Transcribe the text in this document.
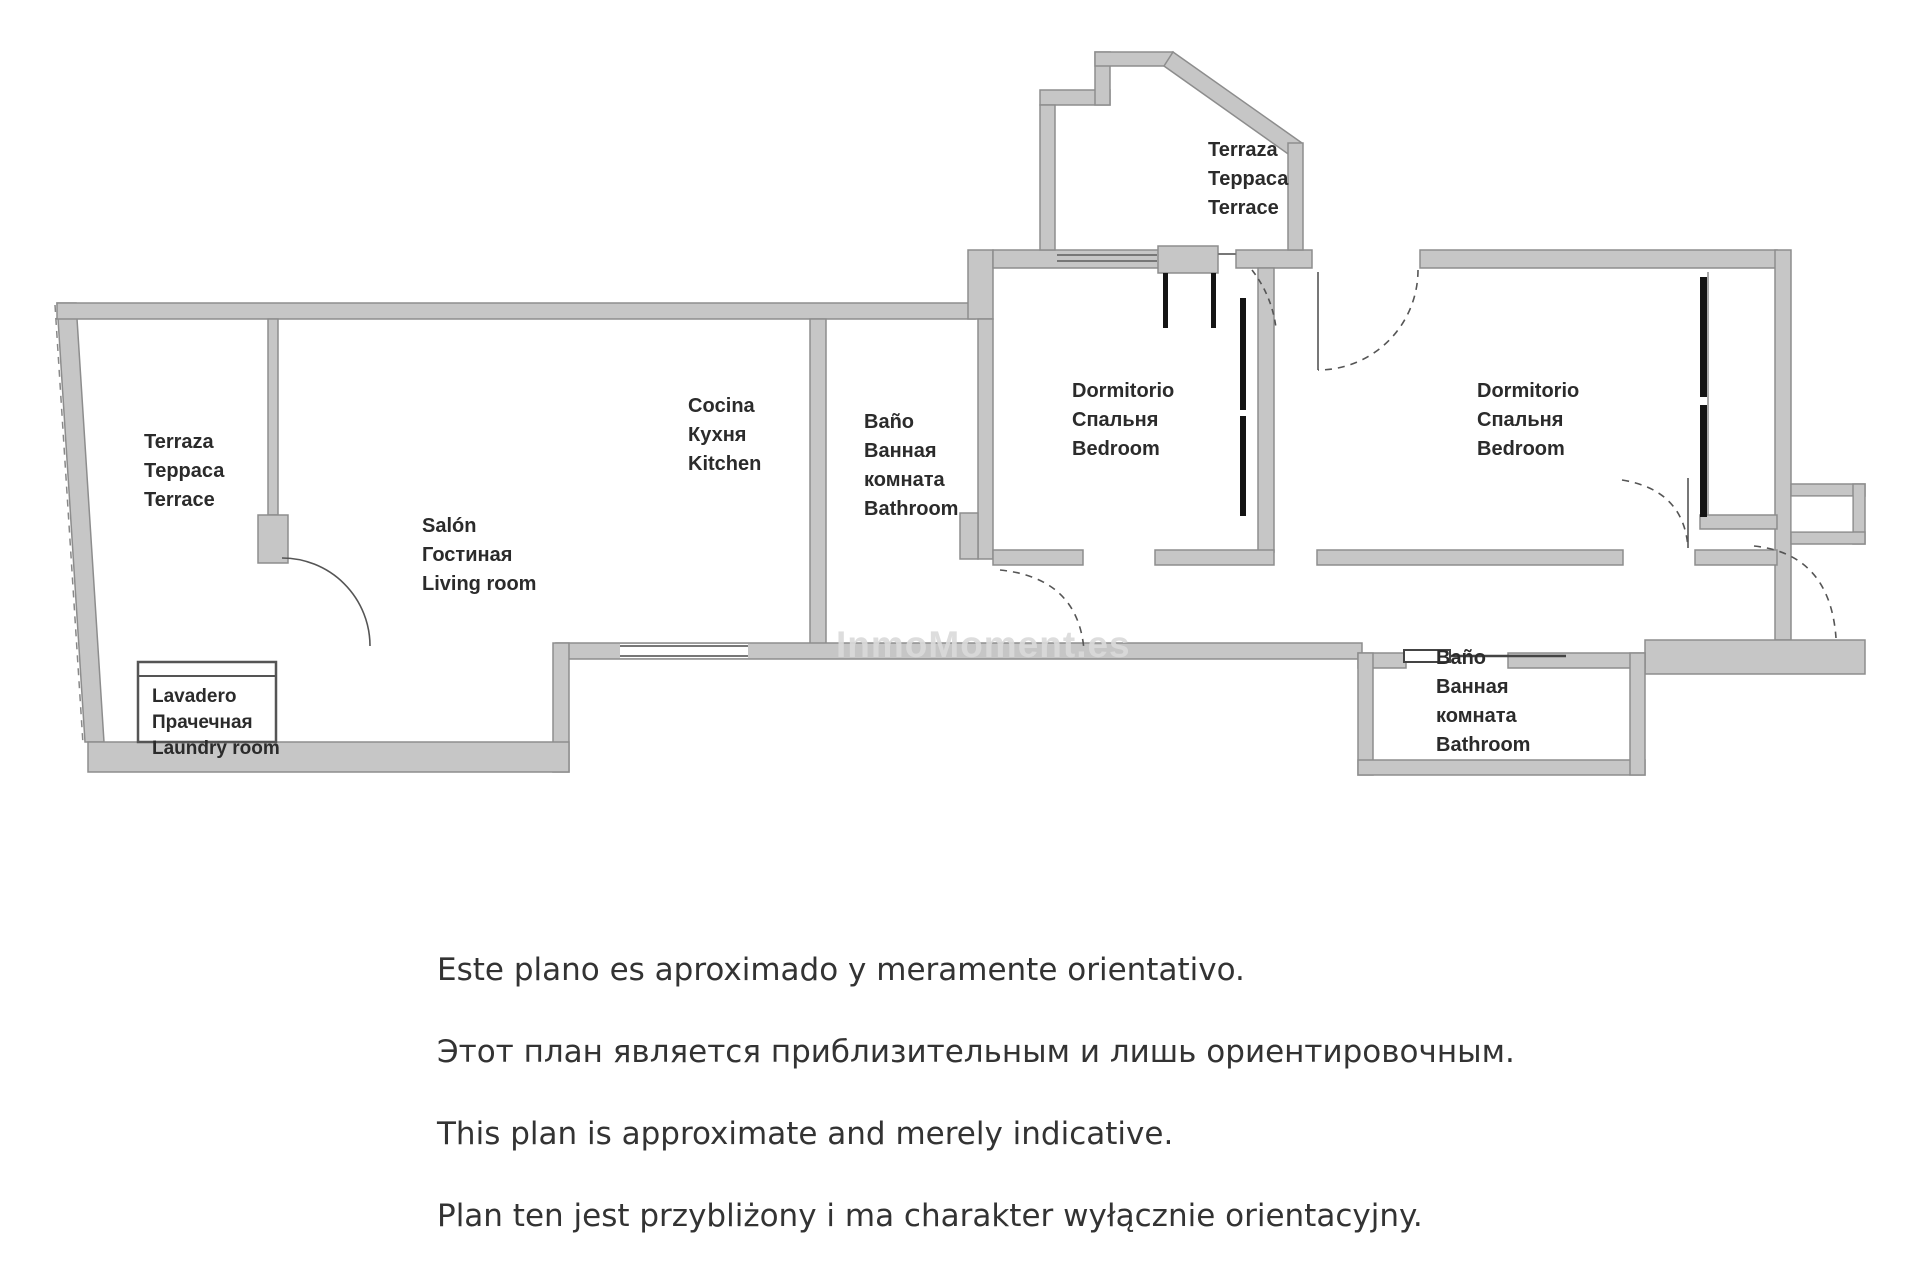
Terraza
Терраса
Terrace
Terraza
Терраса
Terrace
Cocina
Кухня
Kitchen
Baño
Ванная
комната
Bathroom
Dormitorio
Спальня
Bedroom
Dormitorio
Спальня
Bedroom
Salón
Гостиная
Living room
Lavadero
Прачечная
Laundry room
Baño
Ванная
комната
Bathroom
InmoMoment.es

Este plano es aproximado y meramente orientativo.

Этот план является приблизительным и лишь ориентировочным.

This plan is approximate and merely indicative.

Plan ten jest przybliżony i ma charakter wyłącznie orientacyjny.
